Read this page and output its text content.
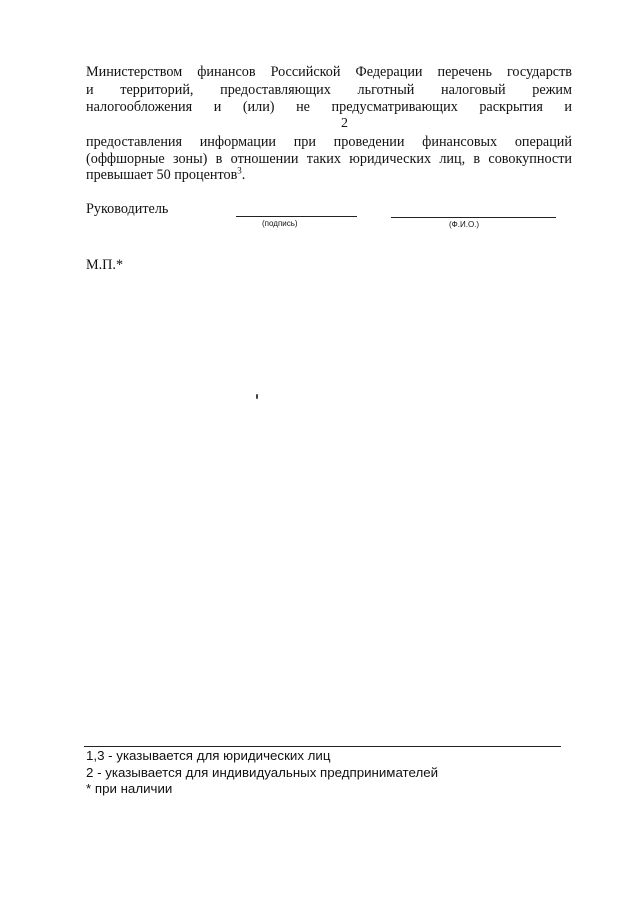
Министерством финансов Российской Федерации перечень государств
и территорий, предоставляющих льготный налоговый режим
налогообложения и (или) не предусматривающих раскрытия и
2
предоставления информации при проведении финансовых операций
(оффшорные зоны) в отношении таких юридических лиц, в совокупности
превышает 50 процентов$^3$.
Руководитель
(подпись)	(Ф.И.О.)
М.П.*
1,3 - указывается для юридических лиц
2 - указывается для индивидуальных предпринимателей
* при наличии
